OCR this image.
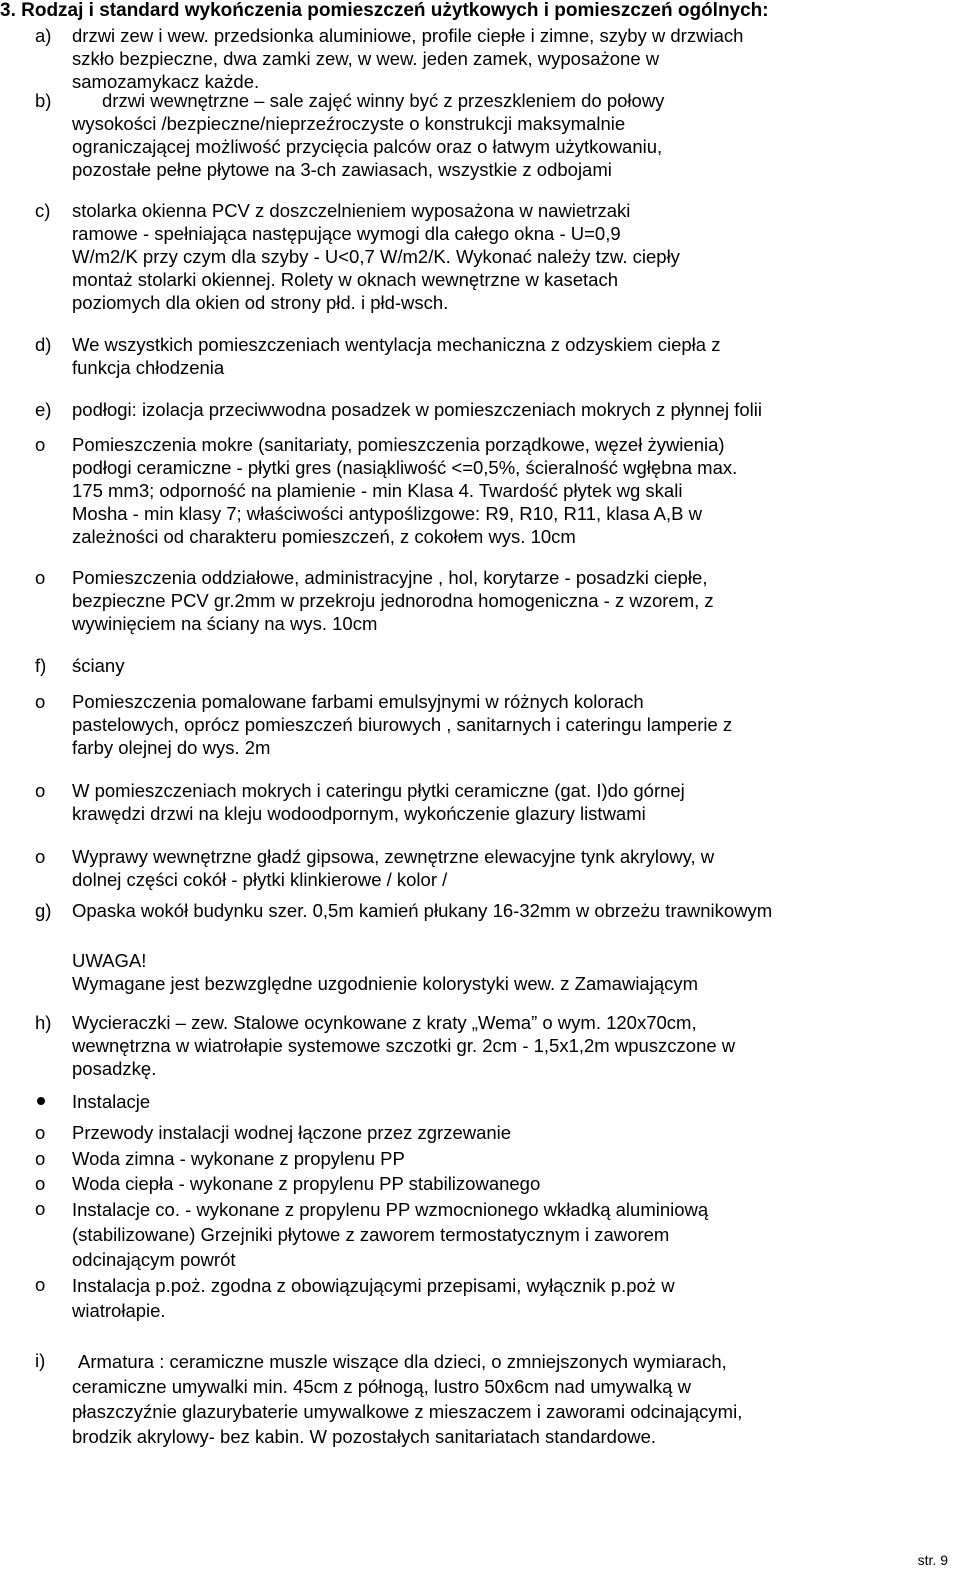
3. Rodzaj i standard wykończenia pomieszczeń użytkowych i pomieszczeń ogólnych:
a) drzwi zew i wew. przedsionka aluminiowe, profile ciepłe i zimne, szyby w drzwiach
szkło bezpieczne, dwa zamki zew, w wew. jeden zamek, wyposażone w
samozamykacz każde.
b)	drzwi wewnętrzne – sale zajęć winny być z przeszkleniem do połowy
wysokości /bezpieczne/nieprzeźroczyste o konstrukcji maksymalnie
ograniczającej możliwość przycięcia palców oraz o łatwym użytkowaniu,
pozostałe pełne płytowe na 3-ch zawiasach, wszystkie z odbojami
c) stolarka okienna PCV z doszczelnieniem wyposażona w nawietrzaki
ramowe - spełniająca następujące wymogi dla całego okna - U=0,9
W/m2/K przy czym dla szyby - U<0,7 W/m2/K. Wykonać należy tzw. ciepły
montaż stolarki okiennej. Rolety w oknach wewnętrzne w kasetach
poziomych dla okien od strony płd. i płd-wsch.
d) We wszystkich pomieszczeniach wentylacja mechaniczna z odzyskiem ciepła z
funkcja chłodzenia
e) podłogi: izolacja przeciwwodna posadzek w pomieszczeniach mokrych z płynnej folii
o Pomieszczenia mokre (sanitariaty, pomieszczenia porządkowe, węzeł żywienia)
podłogi ceramiczne - płytki gres (nasiąkliwość <=0,5%, ścieralność wgłębna max.
175 mm3; odporność na plamienie - min Klasa 4. Twardość płytek wg skali
Mosha - min klasy 7; właściwości antypoślizgowe: R9, R10, R11, klasa A,B w
zależności od charakteru pomieszczeń, z cokołem wys. 10cm
o Pomieszczenia oddziałowe, administracyjne , hol, korytarze - posadzki ciepłe,
bezpieczne PCV gr.2mm w przekroju jednorodna homogeniczna - z wzorem, z
wywinięciem na ściany na wys. 10cm
f) ściany
o Pomieszczenia pomalowane farbami emulsyjnymi w różnych kolorach
pastelowych, oprócz pomieszczeń biurowych , sanitarnych i cateringu lamperie z
farby olejnej do wys. 2m
o W pomieszczeniach mokrych i cateringu płytki ceramiczne (gat. I)do górnej
krawędzi drzwi na kleju wodoodpornym, wykończenie glazury listwami
o Wyprawy wewnętrzne gładź gipsowa, zewnętrzne elewacyjne tynk akrylowy, w
dolnej części cokół - płytki klinkierowe / kolor /
g) Opaska wokół budynku szer. 0,5m kamień płukany 16-32mm w obrzeżu trawnikowym
UWAGA!
Wymagane jest bezwzględne uzgodnienie kolorystyki wew. z Zamawiającym
h) Wycieraczki – zew. Stalowe ocynkowane z kraty „Wema” o wym. 120x70cm,
wewnętrzna w wiatrołapie systemowe szczotki gr. 2cm - 1,5x1,2m wpuszczone w
posadzkę.
Instalacje
o Przewody instalacji wodnej łączone przez zgrzewanie
o Woda zimna - wykonane z propylenu PP
o Woda ciepła - wykonane z propylenu PP stabilizowanego
o Instalacje co. - wykonane z propylenu PP wzmocnionego wkładką aluminiową
(stabilizowane) Grzejniki płytowe z zaworem termostatycznym i zaworem
odcinającym powrót
o Instalacja p.poż. zgodna z obowiązującymi przepisami, wyłącznik p.poż w
wiatrołapie.
i) Armatura : ceramiczne muszle wiszące dla dzieci, o zmniejszonych wymiarach,
ceramiczne umywalki min. 45cm z półnogą, lustro 50x6cm nad umywalką w
płaszczyźnie glazurybaterie umywalkowe z mieszaczem i zaworami odcinającymi,
brodzik akrylowy- bez kabin. W pozostałych sanitariatach standardowe.
str. 9
